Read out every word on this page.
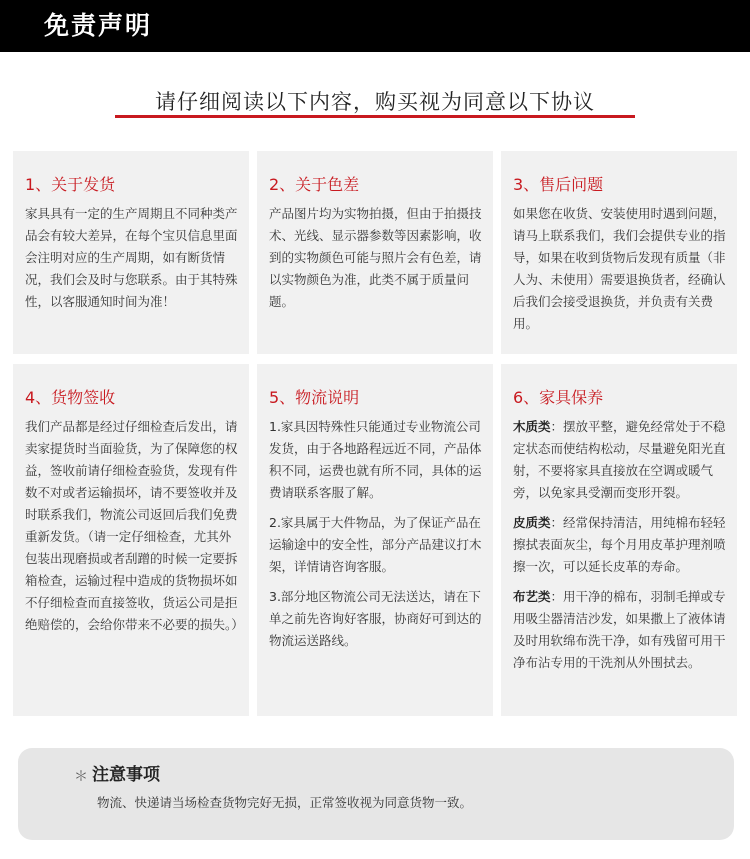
免责声明
请仔细阅读以下内容，购买视为同意以下协议
1、关于发货

家具具有一定的生产周期且不同种类产品会有较大差异，在每个宝贝信息里面会注明对应的生产周期，如有断货情况，我们会及时与您联系。由于其特殊性，以客服通知时间为准！

2、关于色差

产品图片均为实物拍摄，但由于拍摄技术、光线、显示器参数等因素影响，收到的实物颜色可能与照片会有色差，请以实物颜色为准，此类不属于质量问题。

3、售后问题

如果您在收货、安装使用时遇到问题，请马上联系我们，我们会提供专业的指导，如果在收到货物后发现有质量（非人为、未使用）需要退换货者，经确认后我们会接受退换货，并负责有关费用。

4、货物签收

我们产品都是经过仔细检查后发出，请卖家提货时当面验货，为了保障您的权益，签收前请仔细检查验货，发现有件数不对或者运输损坏，请不要签收并及时联系我们，物流公司返回后我们免费重新发货。（请一定仔细检查，尤其外包装出现磨损或者刮蹭的时候一定要拆箱检查，运输过程中造成的货物损坏如不仔细检查而直接签收，货运公司是拒绝赔偿的，会给你带来不必要的损失。）

5、物流说明

1.家具因特殊性只能通过专业物流公司发货，由于各地路程远近不同，产品体积不同，运费也就有所不同，具体的运费请联系客服了解。

2.家具属于大件物品，为了保证产品在运输途中的安全性，部分产品建议打木架，详情请咨询客服。

3.部分地区物流公司无法送达，请在下单之前先咨询好客服，协商好可到达的物流运送路线。

6、家具保养

木质类：摆放平整，避免经常处于不稳定状态而使结构松动，尽量避免阳光直射，不要将家具直接放在空调或暖气旁，以免家具受潮而变形开裂。

皮质类：经常保持清洁，用纯棉布轻轻擦拭表面灰尘，每个月用皮革护理剂喷擦一次，可以延长皮革的寿命。

布艺类：用干净的棉布，羽制毛掸或专用吸尘器清洁沙发，如果撒上了液体请及时用软绵布洗干净，如有残留可用干净布沾专用的干洗剂从外围拭去。

＊ 注意事项
物流、快递请当场检查货物完好无损，正常签收视为同意货物一致。
